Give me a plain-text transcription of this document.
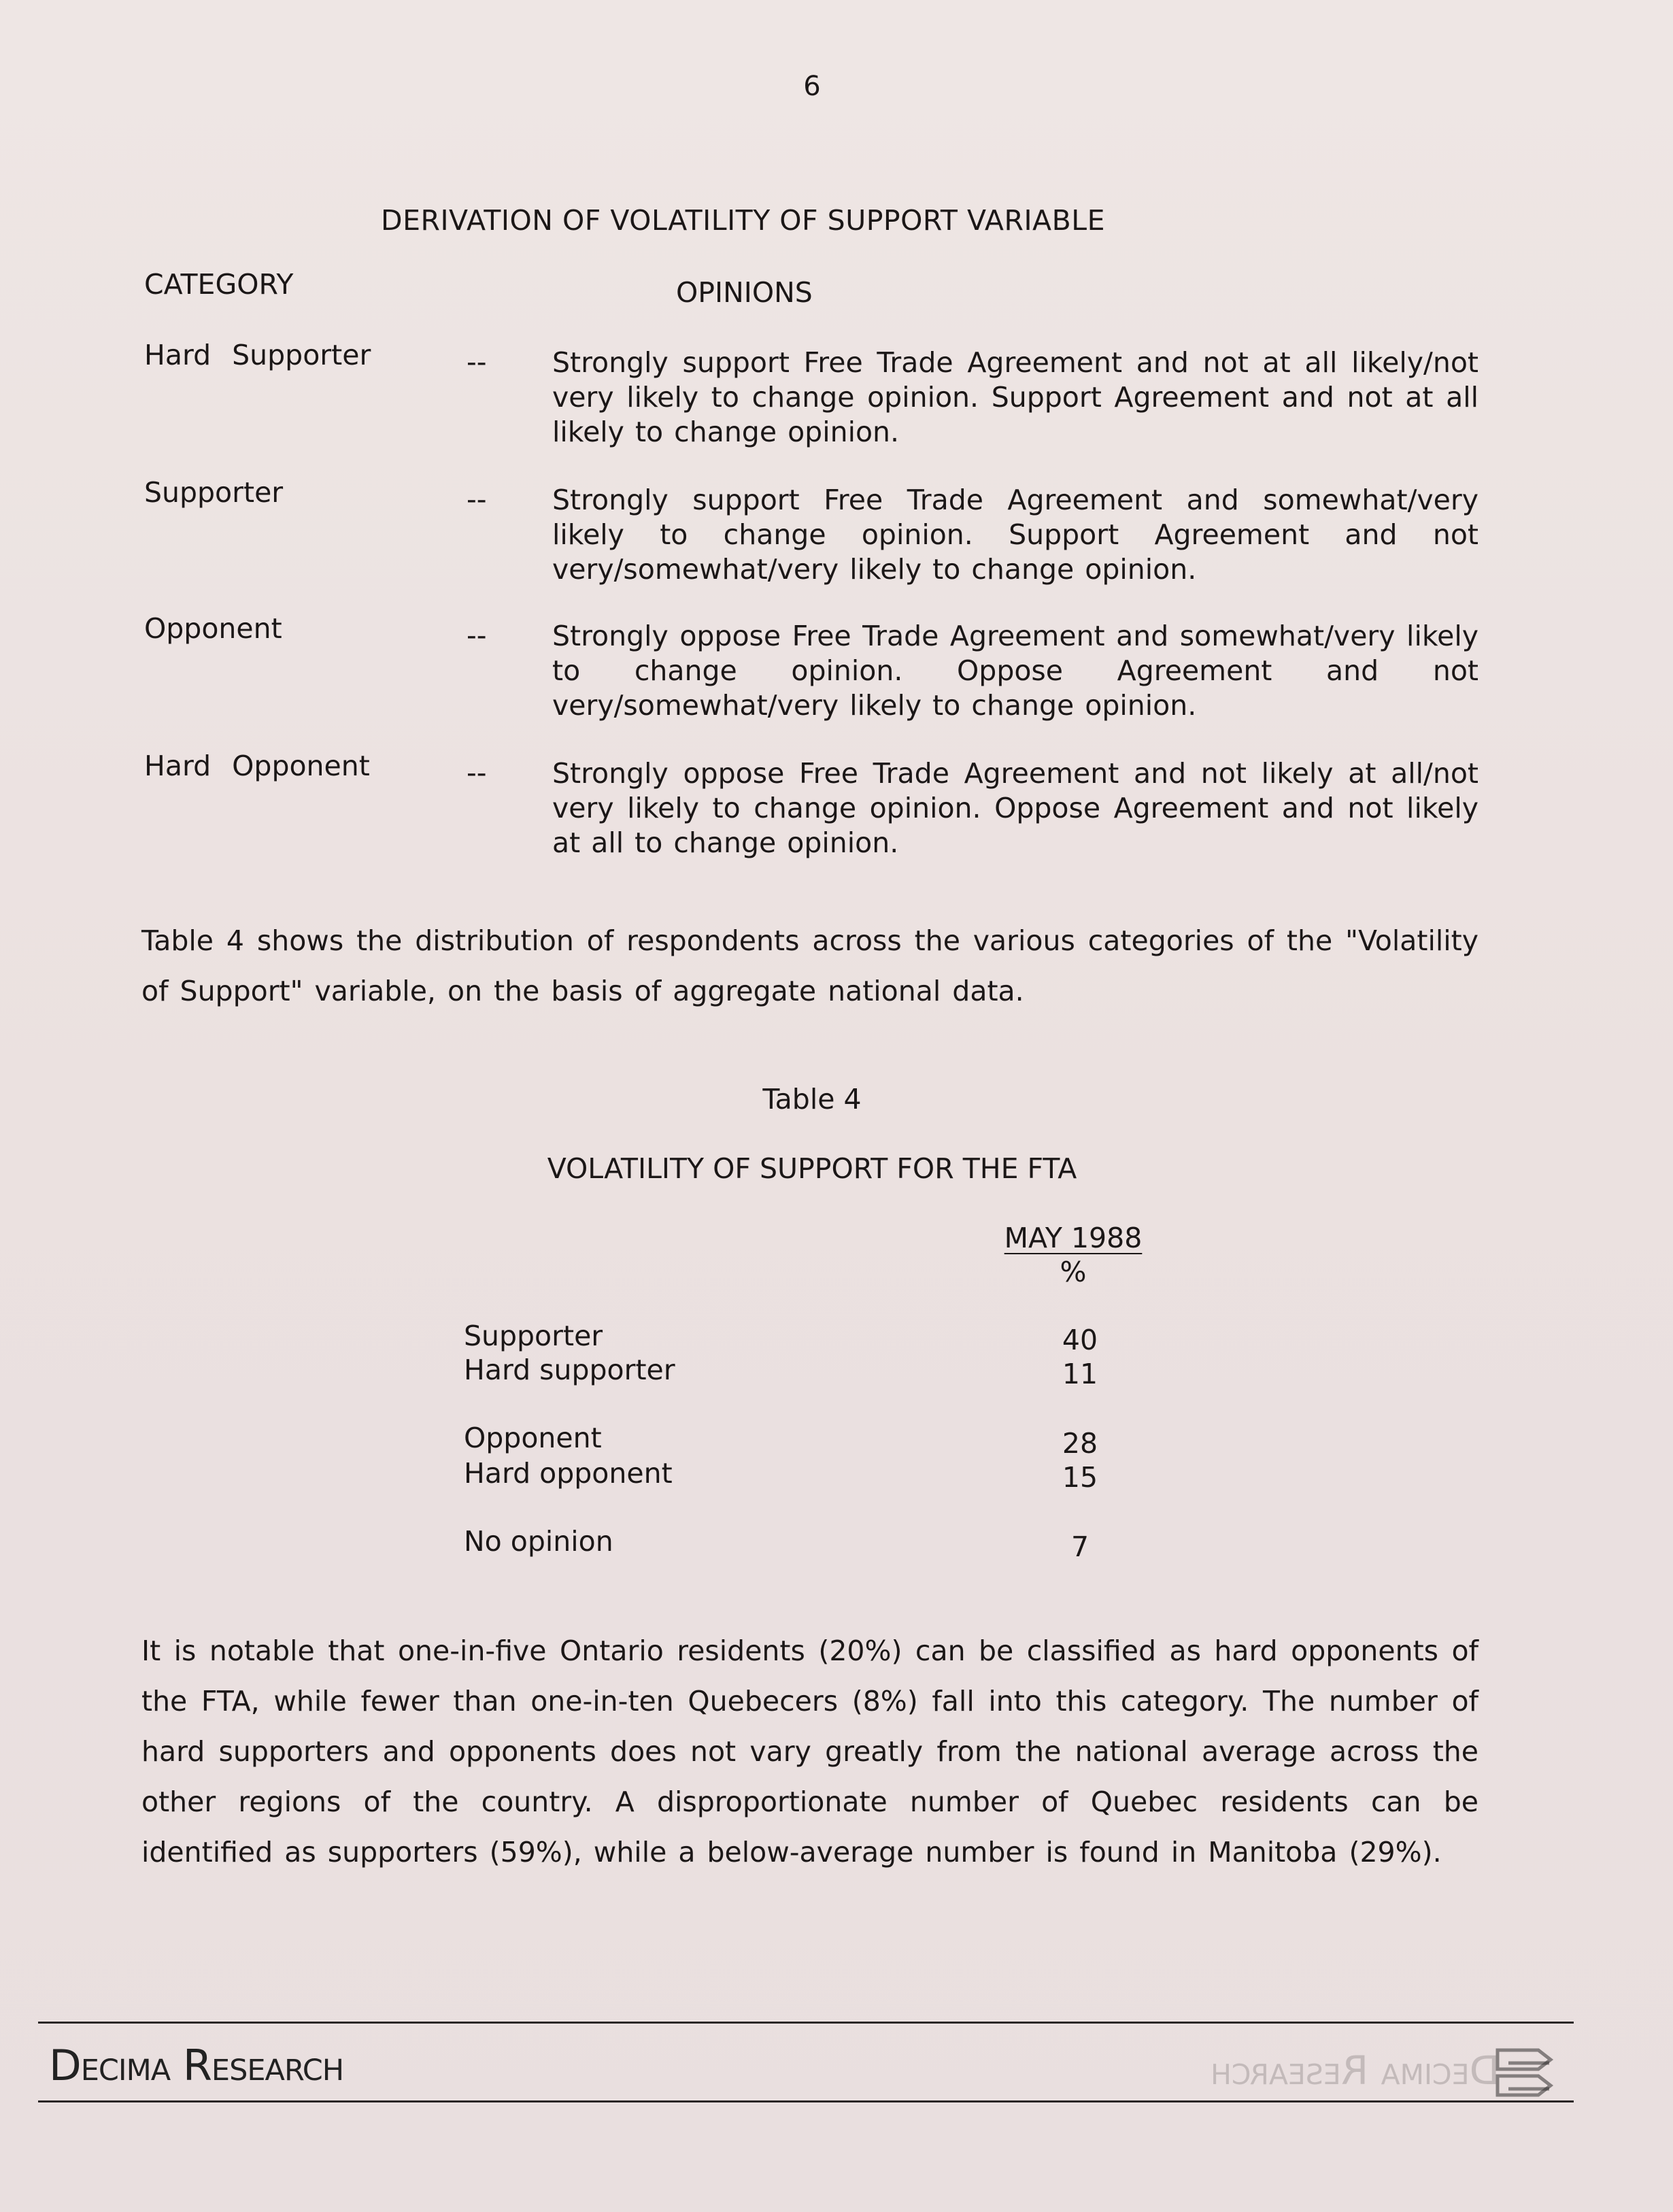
6
DERIVATION OF VOLATILITY OF SUPPORT VARIABLE
CATEGORY	OPINIONS
Hard Supporter	-- Strongly support Free Trade Agreement and not at all likely/not very likely to change opinion. Support Agreement and not at all likely to change opinion.
Supporter	-- Strongly support Free Trade Agreement and somewhat/very likely to change opinion. Support Agreement and not very/somewhat/very likely to change opinion.
Opponent	-- Strongly oppose Free Trade Agreement and somewhat/very likely to change opinion. Oppose Agreement and not very/somewhat/very likely to change opinion.
Hard Opponent	-- Strongly oppose Free Trade Agreement and not likely at all/not very likely to change opinion. Oppose Agreement and not likely at all to change opinion.
Table 4 shows the distribution of respondents across the various categories of the "Volatility of Support" variable, on the basis of aggregate national data.
Table 4
VOLATILITY OF SUPPORT FOR THE FTA
MAY 1988
%
Supporter	40
Hard supporter	11
Opponent	28
Hard opponent	15
No opinion	7
It is notable that one-in-five Ontario residents (20%) can be classified as hard opponents of the FTA, while fewer than one-in-ten Quebecers (8%) fall into this category. The number of hard supporters and opponents does not vary greatly from the national average across the other regions of the country. A disproportionate number of Quebec residents can be identified as supporters (59%), while a below-average number is found in Manitoba (29%).
Decima Research	Decima Research
